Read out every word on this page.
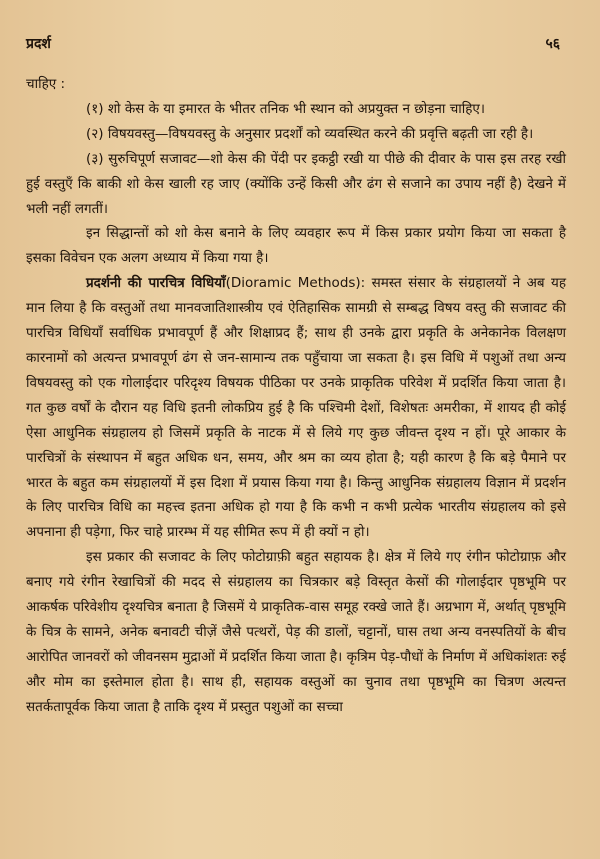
प्रदर्श	५६

चाहिए :

(१) शो केस के या इमारत के भीतर तनिक भी स्थान को अप्रयुक्त न छोड़ना चाहिए।

(२) विषयवस्तु—विषयवस्तु के अनुसार प्रदर्शों को व्यवस्थित करने की प्रवृत्ति बढ़ती जा रही है।

(३) सुरुचिपूर्ण सजावट—शो केस की पेंदी पर इकट्ठी रखी या पीछे की दीवार के पास इस तरह रखी हुई वस्तुएँ कि बाकी शो केस खाली रह जाए (क्योंकि उन्हें किसी और ढंग से सजाने का उपाय नहीं है) देखने में भली नहीं लगतीं।

इन सिद्धान्तों को शो केस बनाने के लिए व्यवहार रूप में किस प्रकार प्रयोग किया जा सकता है इसका विवेचन एक अलग अध्याय में किया गया है।

प्रदर्शनी की पारचित्र विधियाँ(Dioramic Methods): समस्त संसार के संग्रहालयों ने अब यह मान लिया है कि वस्तुओं तथा मानवजातिशास्त्रीय एवं ऐतिहासिक सामग्री से सम्बद्ध विषय वस्तु की सजावट की पारचित्र विधियाँ सर्वाधिक प्रभावपूर्ण हैं और शिक्षाप्रद हैं; साथ ही उनके द्वारा प्रकृति के अनेकानेक विलक्षण कारनामों को अत्यन्त प्रभावपूर्ण ढंग से जन-सामान्य तक पहुँचाया जा सकता है। इस विधि में पशुओं तथा अन्य विषयवस्तु को एक गोलाईदार परिदृश्य विषयक पीठिका पर उनके प्राकृतिक परिवेश में प्रदर्शित किया जाता है। गत कुछ वर्षों के दौरान यह विधि इतनी लोकप्रिय हुई है कि पश्चिमी देशों, विशेषतः अमरीका, में शायद ही कोई ऐसा आधुनिक संग्रहालय हो जिसमें प्रकृति के नाटक में से लिये गए कुछ जीवन्त दृश्य न हों। पूरे आकार के पारचित्रों के संस्थापन में बहुत अधिक धन, समय, और श्रम का व्यय होता है; यही कारण है कि बड़े पैमाने पर भारत के बहुत कम संग्रहालयों में इस दिशा में प्रयास किया गया है। किन्तु आधुनिक संग्रहालय विज्ञान में प्रदर्शन के लिए पारचित्र विधि का महत्त्व इतना अधिक हो गया है कि कभी न कभी प्रत्येक भारतीय संग्रहालय को इसे अपनाना ही पड़ेगा, फिर चाहे प्रारम्भ में यह सीमित रूप में ही क्यों न हो।

इस प्रकार की सजावट के लिए फोटोग्राफ़ी बहुत सहायक है। क्षेत्र में लिये गए रंगीन फोटोग्राफ़ और बनाए गये रंगीन रेखाचित्रों की मदद से संग्रहालय का चित्रकार बड़े विस्तृत केसों की गोलाईदार पृष्ठभूमि पर आकर्षक परिवेशीय दृश्यचित्र बनाता है जिसमें ये प्राकृतिक-वास समूह रक्खे जाते हैं। अग्रभाग में, अर्थात् पृष्ठभूमि के चित्र के सामने, अनेक बनावटी चीज़ें जैसे पत्थरों, पेड़ की डालों, चट्टानों, घास तथा अन्य वनस्पतियों के बीच आरोपित जानवरों को जीवनसम मुद्राओं में प्रदर्शित किया जाता है। कृत्रिम पेड़-पौधों के निर्माण में अधिकांशतः रुई और मोम का इस्तेमाल होता है। साथ ही, सहायक वस्तुओं का चुनाव तथा पृष्ठभूमि का चित्रण अत्यन्त सतर्कतापूर्वक किया जाता है ताकि दृश्य में प्रस्तुत पशुओं का सच्चा
